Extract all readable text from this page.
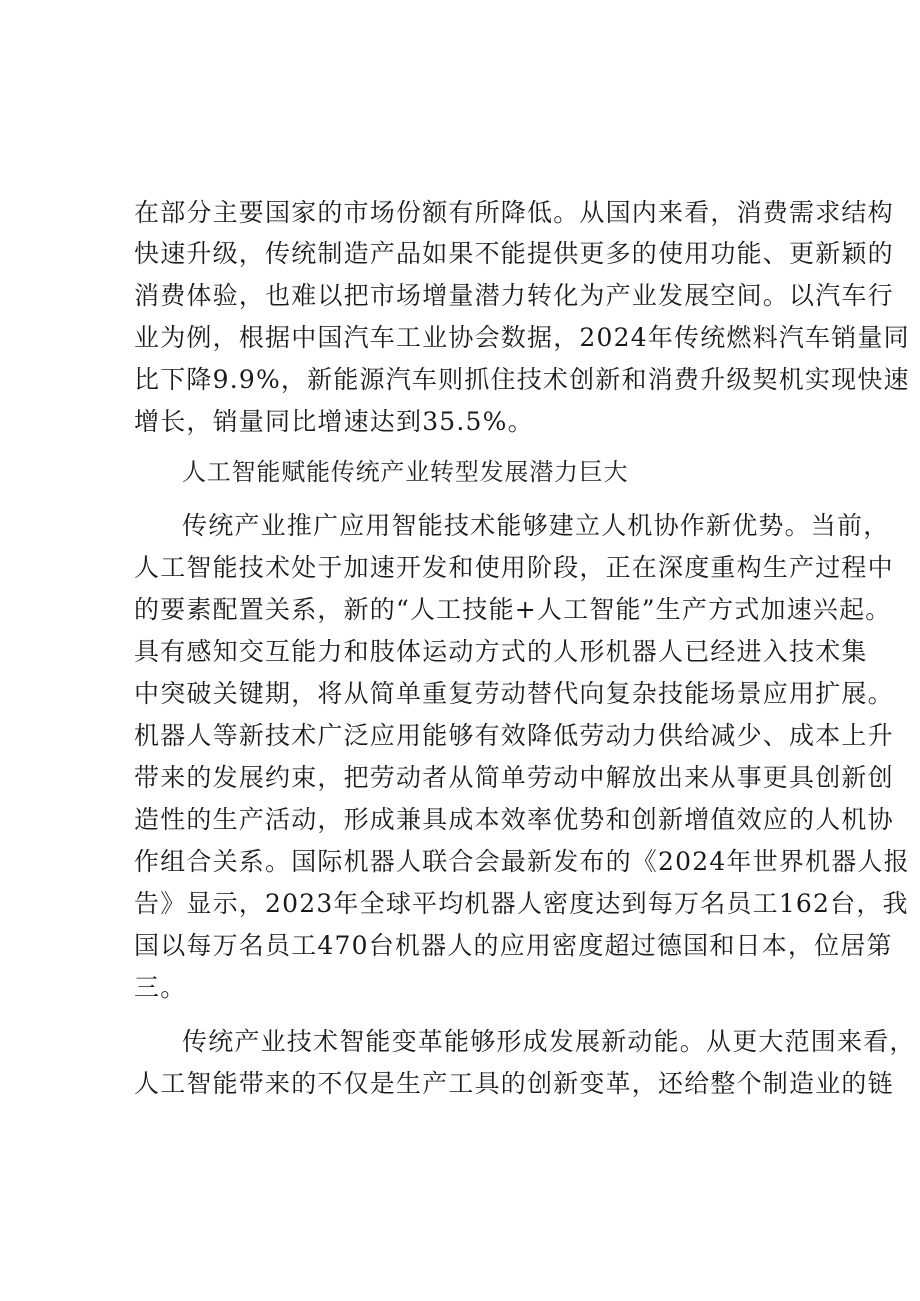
在部分主要国家的市场份额有所降低。从国内来看，消费需求结构
快速升级，传统制造产品如果不能提供更多的使用功能、更新颖的
消费体验，也难以把市场增量潜力转化为产业发展空间。以汽车行
业为例，根据中国汽车工业协会数据，2024年传统燃料汽车销量同
比下降9.9%，新能源汽车则抓住技术创新和消费升级契机实现快速
增长，销量同比增速达到35.5%。
人工智能赋能传统产业转型发展潜力巨大
传统产业推广应用智能技术能够建立人机协作新优势。当前，
人工智能技术处于加速开发和使用阶段，正在深度重构生产过程中
的要素配置关系，新的“人工技能+人工智能”生产方式加速兴起。
具有感知交互能力和肢体运动方式的人形机器人已经进入技术集
中突破关键期，将从简单重复劳动替代向复杂技能场景应用扩展。
机器人等新技术广泛应用能够有效降低劳动力供给减少、成本上升
带来的发展约束，把劳动者从简单劳动中解放出来从事更具创新创
造性的生产活动，形成兼具成本效率优势和创新增值效应的人机协
作组合关系。国际机器人联合会最新发布的《2024年世界机器人报
告》显示，2023年全球平均机器人密度达到每万名员工162台，我
国以每万名员工470台机器人的应用密度超过德国和日本，位居第
三。
传统产业技术智能变革能够形成发展新动能。从更大范围来看，
人工智能带来的不仅是生产工具的创新变革，还给整个制造业的链
